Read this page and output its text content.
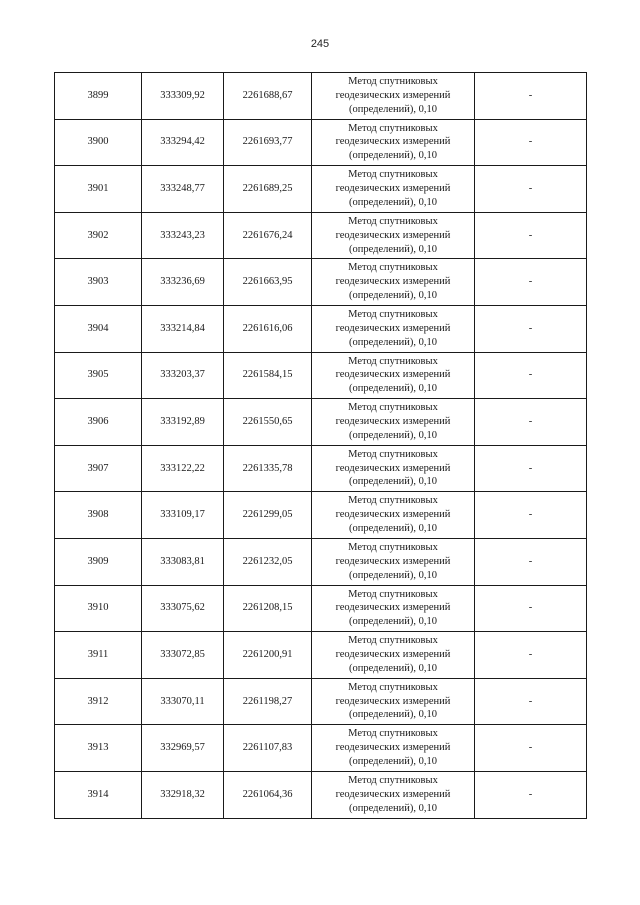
245
3899	333309,92	2261688,67	Метод спутниковых
геодезических измерений
(определений), 0,10	-
3900	333294,42	2261693,77	Метод спутниковых
геодезических измерений
(определений), 0,10	-
3901	333248,77	2261689,25	Метод спутниковых
геодезических измерений
(определений), 0,10	-
3902	333243,23	2261676,24	Метод спутниковых
геодезических измерений
(определений), 0,10	-
3903	333236,69	2261663,95	Метод спутниковых
геодезических измерений
(определений), 0,10	-
3904	333214,84	2261616,06	Метод спутниковых
геодезических измерений
(определений), 0,10	-
3905	333203,37	2261584,15	Метод спутниковых
геодезических измерений
(определений), 0,10	-
3906	333192,89	2261550,65	Метод спутниковых
геодезических измерений
(определений), 0,10	-
3907	333122,22	2261335,78	Метод спутниковых
геодезических измерений
(определений), 0,10	-
3908	333109,17	2261299,05	Метод спутниковых
геодезических измерений
(определений), 0,10	-
3909	333083,81	2261232,05	Метод спутниковых
геодезических измерений
(определений), 0,10	-
3910	333075,62	2261208,15	Метод спутниковых
геодезических измерений
(определений), 0,10	-
3911	333072,85	2261200,91	Метод спутниковых
геодезических измерений
(определений), 0,10	-
3912	333070,11	2261198,27	Метод спутниковых
геодезических измерений
(определений), 0,10	-
3913	332969,57	2261107,83	Метод спутниковых
геодезических измерений
(определений), 0,10	-
3914	332918,32	2261064,36	Метод спутниковых
геодезических измерений
(определений), 0,10	-
